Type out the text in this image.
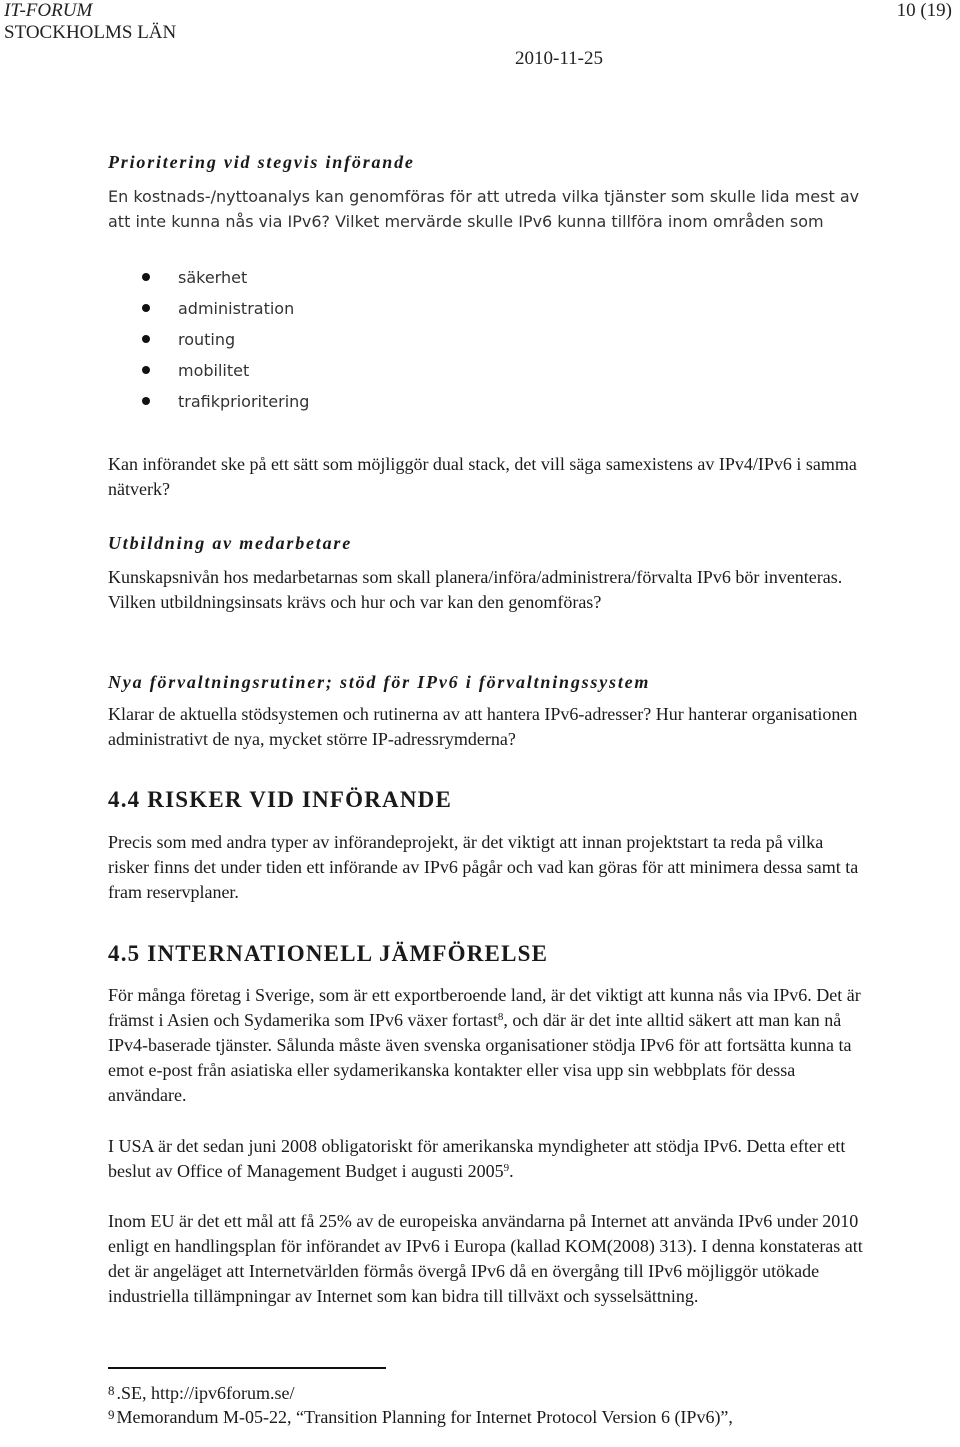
IT-FORUM
STOCKHOLMS LÄN
10 (19)
2010-11-25
Prioritering vid stegvis införande

En kostnads-/nyttoanalys kan genomföras för att utreda vilka tjänster som skulle lida mest av att inte kunna nås via IPv6? Vilket mervärde skulle IPv6 kunna tillföra inom områden som

säkerhet
administration
routing
mobilitet
trafikprioritering

Kan införandet ske på ett sätt som möjliggör dual stack, det vill säga samexistens av IPv4/IPv6 i samma nätverk?

Utbildning av medarbetare

Kunskapsnivån hos medarbetarnas som skall planera/införa/administrera/förvalta IPv6 bör inventeras. Vilken utbildningsinsats krävs och hur och var kan den genomföras?

Nya förvaltningsrutiner; stöd för IPv6 i förvaltningssystem

Klarar de aktuella stödsystemen och rutinerna av att hantera IPv6-adresser? Hur hanterar organisationen administrativt de nya, mycket större IP-adressrymderna?

4.4 RISKER VID INFÖRANDE

Precis som med andra typer av införandeprojekt, är det viktigt att innan projektstart ta reda på vilka risker finns det under tiden ett införande av IPv6 pågår och vad kan göras för att minimera dessa samt ta fram reservplaner.

4.5 INTERNATIONELL JÄMFÖRELSE

För många företag i Sverige, som är ett exportberoende land, är det viktigt att kunna nås via IPv6. Det är främst i Asien och Sydamerika som IPv6 växer fortast$^8$, och där är det inte alltid säkert att man kan nå IPv4-baserade tjänster. Sålunda måste även svenska organisationer stödja IPv6 för att fortsätta kunna ta emot e-post från asiatiska eller sydamerikanska kontakter eller visa upp sin webbplats för dessa användare.

I USA är det sedan juni 2008 obligatoriskt för amerikanska myndigheter att stödja IPv6. Detta efter ett beslut av Office of Management Budget i augusti 2005$^9$.

Inom EU är det ett mål att få 25% av de europeiska användarna på Internet att använda IPv6 under 2010 enligt en handlingsplan för införandet av IPv6 i Europa (kallad KOM(2008) 313). I denna konstateras att det är angeläget att Internetvärlden förmås övergå IPv6 då en övergång till IPv6 möjliggör utökade industriella tillämpningar av Internet som kan bidra till tillväxt och sysselsättning.

$^8$ .SE, http://ipv6forum.se/
$^9$ Memorandum M-05-22, “Transition Planning for Internet Protocol Version 6 (IPv6)”,
